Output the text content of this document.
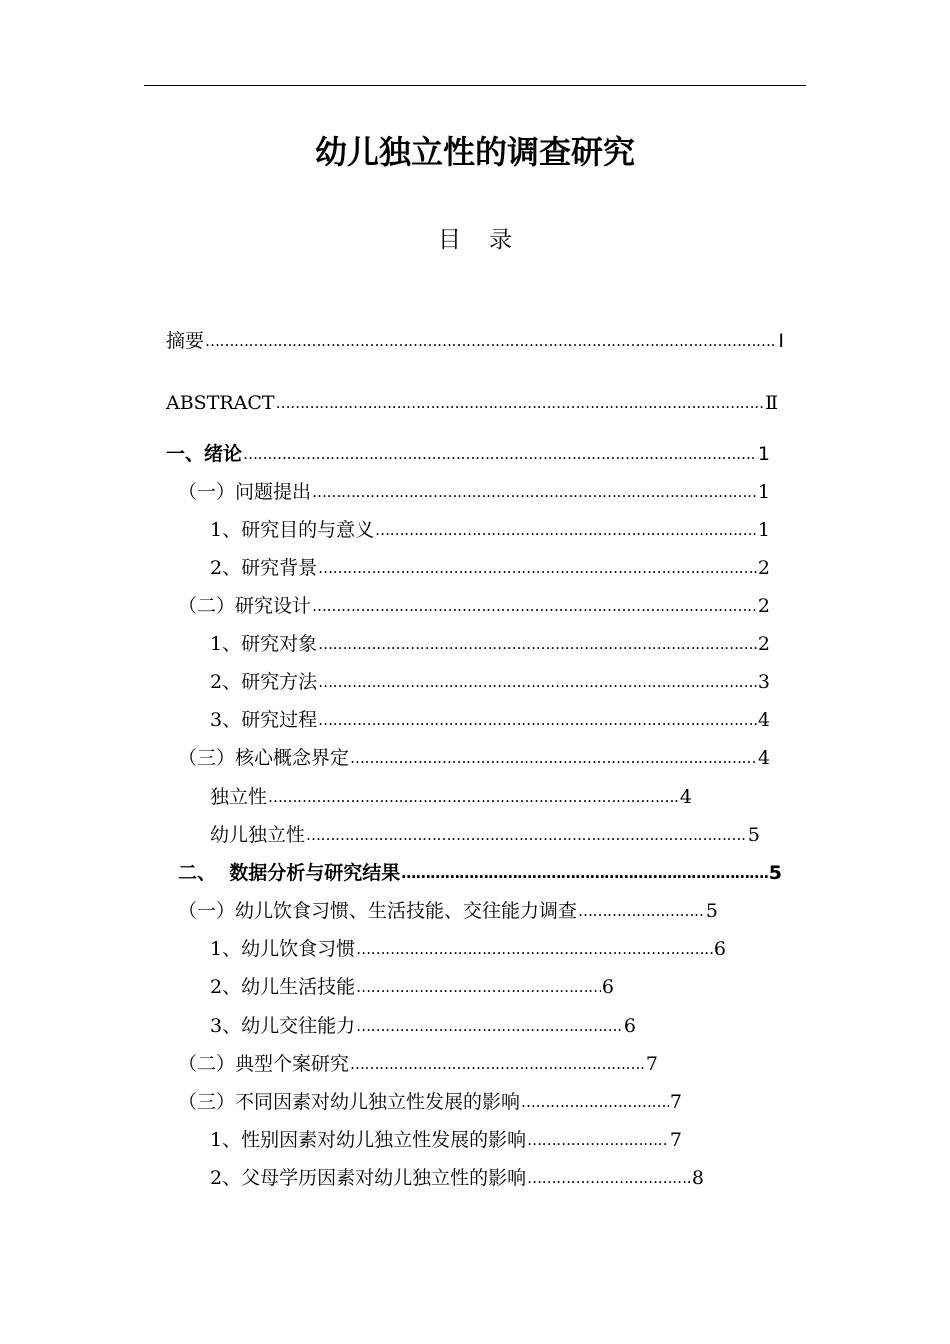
幼儿独立性的调查研究
目录
摘要 ……………………………………………………………………………………………………………………………………………………………………	Ⅰ
ABSTRACT ……………………………………………………………………………………………………………………………………………………………………	Ⅱ
一、绪论 ……………………………………………………………………………………………………………………………………………………………………	1
（一）问题提出 ……………………………………………………………………………………………………………………………………………………………………	1
1、研究目的与意义 ……………………………………………………………………………………………………………………………………………………………………	1
2、研究背景 ……………………………………………………………………………………………………………………………………………………………………	2
（二）研究设计 ……………………………………………………………………………………………………………………………………………………………………	2
1、研究对象 ……………………………………………………………………………………………………………………………………………………………………	2
2、研究方法 ……………………………………………………………………………………………………………………………………………………………………	3
3、研究过程 ……………………………………………………………………………………………………………………………………………………………………	4
（三）核心概念界定 ……………………………………………………………………………………………………………………………………………………………………	4
独立性 ……………………………………………………………………………………………………………………………………………………………………	4
幼儿独立性 ……………………………………………………………………………………………………………………………………………………………………	5
二、  数据分析与研究结果 ……………………………………………………………………………………………………………………………………………………………………	5
（一）幼儿饮食习惯、生活技能、交往能力调查 ……………………………………………………………………………………………………………………………………………………………………	5
1、幼儿饮食习惯 ……………………………………………………………………………………………………………………………………………………………………	6
2、幼儿生活技能 ……………………………………………………………………………………………………………………………………………………………………	6
3、幼儿交往能力 ……………………………………………………………………………………………………………………………………………………………………	6
（二）典型个案研究 ……………………………………………………………………………………………………………………………………………………………………	7
（三）不同因素对幼儿独立性发展的影响 ……………………………………………………………………………………………………………………………………………………………………	7
1、性别因素对幼儿独立性发展的影响 ……………………………………………………………………………………………………………………………………………………………………	7
2、父母学历因素对幼儿独立性的影响 ……………………………………………………………………………………………………………………………………………………………………	8
